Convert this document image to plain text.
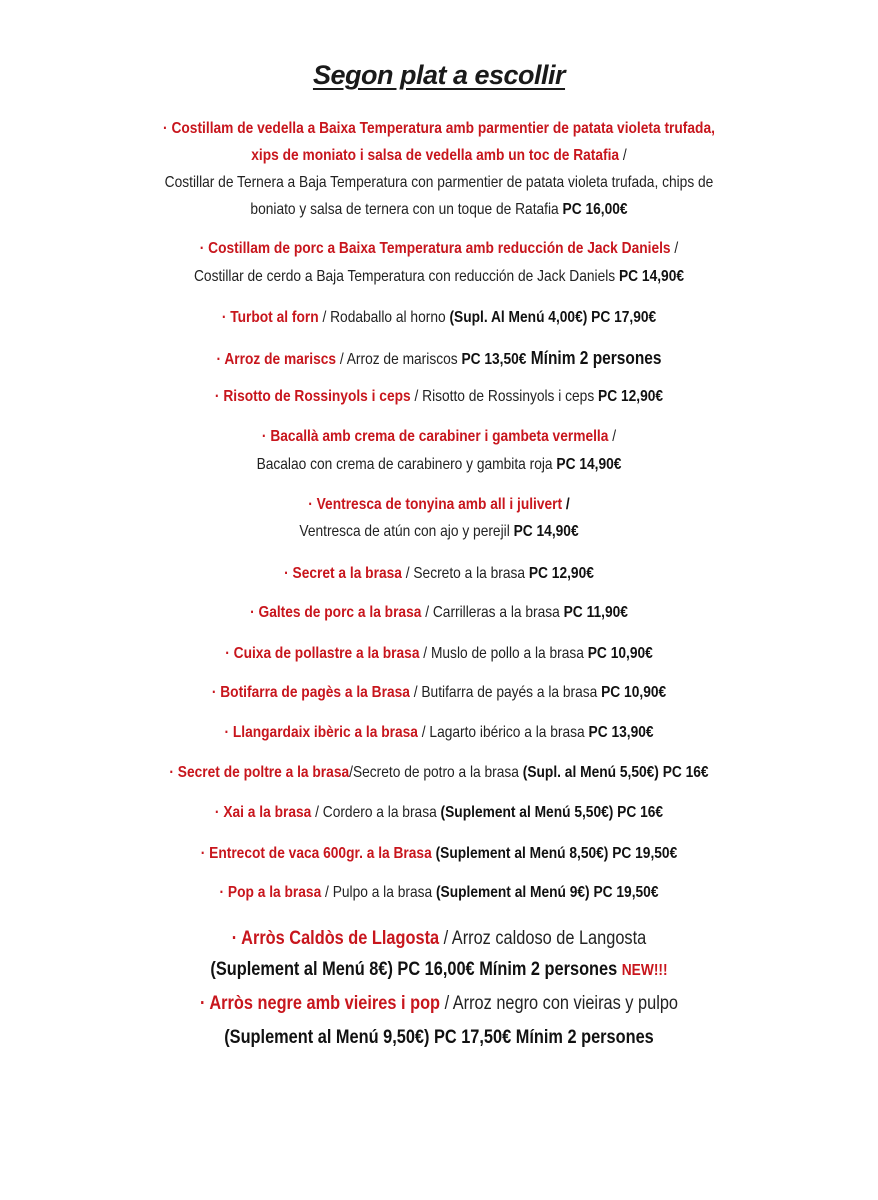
Segon plat a escollir
· Costillam de vedella a Baixa Temperatura amb parmentier de patata violeta trufada,
xips de moniato i salsa de vedella amb un toc de Ratafia /
Costillar de Ternera a Baja Temperatura con parmentier de patata violeta trufada, chips de
boniato y salsa de ternera con un toque de Ratafia PC 16,00€
· Costillam de porc a Baixa Temperatura amb reducción de Jack Daniels /
Costillar de cerdo a Baja Temperatura con reducción de Jack Daniels PC 14,90€
· Turbot al forn / Rodaballo al horno (Supl. Al Menú 4,00€) PC 17,90€
· Arroz de mariscs / Arroz de mariscos PC 13,50€ Mínim 2 persones
· Risotto de Rossinyols i ceps / Risotto de Rossinyols i ceps PC 12,90€
· Bacallà amb crema de carabiner i gambeta vermella /
Bacalao con crema de carabinero y gambita roja PC 14,90€
· Ventresca de tonyina amb all i julivert /
Ventresca de atún con ajo y perejil PC 14,90€
· Secret a la brasa / Secreto a la brasa PC 12,90€
· Galtes de porc a la brasa / Carrilleras a la brasa PC 11,90€
· Cuixa de pollastre a la brasa / Muslo de pollo a la brasa PC 10,90€
· Botifarra de pagès a la Brasa / Butifarra de payés a la brasa PC 10,90€
· Llangardaix ibèric a la brasa / Lagarto ibérico a la brasa PC 13,90€
· Secret de poltre a la brasa/Secreto de potro a la brasa (Supl. al Menú 5,50€) PC 16€
· Xai a la brasa / Cordero a la brasa (Suplement al Menú 5,50€) PC 16€
· Entrecot de vaca 600gr. a la Brasa (Suplement al Menú 8,50€) PC 19,50€
· Pop a la brasa / Pulpo a la brasa (Suplement al Menú 9€) PC 19,50€
· Arròs Caldòs de Llagosta / Arroz caldoso de Langosta
(Suplement al Menú 8€) PC 16,00€ Mínim 2 persones NEW!!!
· Arròs negre amb vieires i pop / Arroz negro con vieiras y pulpo
(Suplement al Menú 9,50€) PC 17,50€ Mínim 2 persones
